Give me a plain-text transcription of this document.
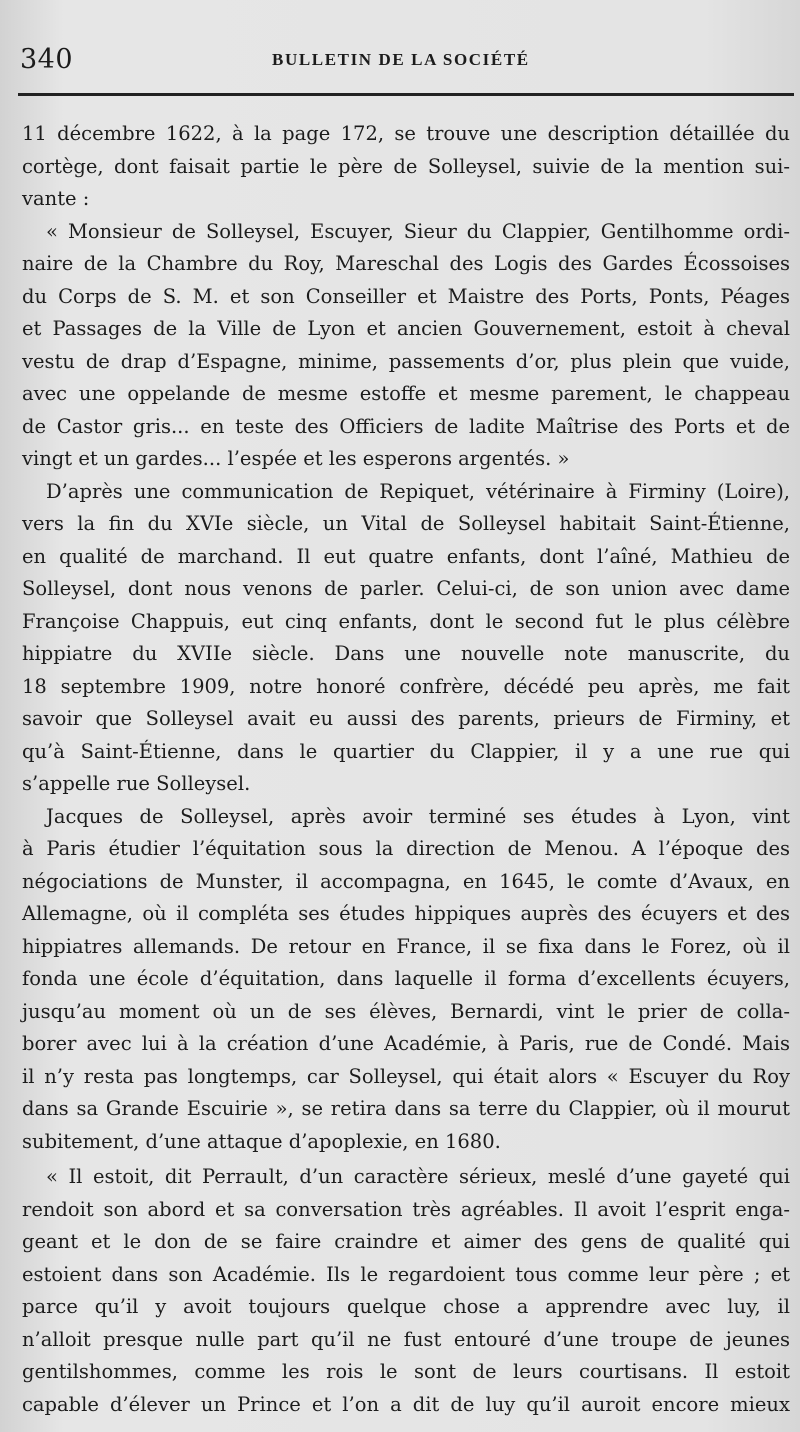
340	BULLETIN DE LA SOCIÉTÉ
11 décembre 1622, à la page 172, se trouve une description détaillée du
cortège, dont faisait partie le père de Solleysel, suivie de la mention sui-
vante :
« Monsieur de Solleysel, Escuyer, Sieur du Clappier, Gentilhomme ordi-
naire de la Chambre du Roy, Mareschal des Logis des Gardes Écossoises
du Corps de S. M. et son Conseiller et Maistre des Ports, Ponts, Péages
et Passages de la Ville de Lyon et ancien Gouvernement, estoit à cheval
vestu de drap d’Espagne, minime, passements d’or, plus plein que vuide,
avec une oppelande de mesme estoffe et mesme parement, le chappeau
de Castor gris... en teste des Officiers de ladite Maîtrise des Ports et de
vingt et un gardes... l’espée et les esperons argentés. »
D’après une communication de Repiquet, vétérinaire à Firminy (Loire),
vers la fin du XVIe siècle, un Vital de Solleysel habitait Saint-Étienne,
en qualité de marchand. Il eut quatre enfants, dont l’aîné, Mathieu de
Solleysel, dont nous venons de parler. Celui-ci, de son union avec dame
Françoise Chappuis, eut cinq enfants, dont le second fut le plus célèbre
hippiatre du XVIIe siècle. Dans une nouvelle note manuscrite, du
18 septembre 1909, notre honoré confrère, décédé peu après, me fait
savoir que Solleysel avait eu aussi des parents, prieurs de Firminy, et
qu’à Saint-Étienne, dans le quartier du Clappier, il y a une rue qui
s’appelle rue Solleysel.
Jacques de Solleysel, après avoir terminé ses études à Lyon, vint
à Paris étudier l’équitation sous la direction de Menou. A l’époque des
négociations de Munster, il accompagna, en 1645, le comte d’Avaux, en
Allemagne, où il compléta ses études hippiques auprès des écuyers et des
hippiatres allemands. De retour en France, il se fixa dans le Forez, où il
fonda une école d’équitation, dans laquelle il forma d’excellents écuyers,
jusqu’au moment où un de ses élèves, Bernardi, vint le prier de colla-
borer avec lui à la création d’une Académie, à Paris, rue de Condé. Mais
il n’y resta pas longtemps, car Solleysel, qui était alors « Escuyer du Roy
dans sa Grande Escuirie », se retira dans sa terre du Clappier, où il mourut
subitement, d’une attaque d’apoplexie, en 1680.
« Il estoit, dit Perrault, d’un caractère sérieux, meslé d’une gayeté qui
rendoit son abord et sa conversation très agréables. Il avoit l’esprit enga-
geant et le don de se faire craindre et aimer des gens de qualité qui
estoient dans son Académie. Ils le regardoient tous comme leur père ; et
parce qu’il y avoit toujours quelque chose a apprendre avec luy, il
n’alloit presque nulle part qu’il ne fust entouré d’une troupe de jeunes
gentilshommes, comme les rois le sont de leurs courtisans. Il estoit
capable d’élever un Prince et l’on a dit de luy qu’il auroit encore mieux
